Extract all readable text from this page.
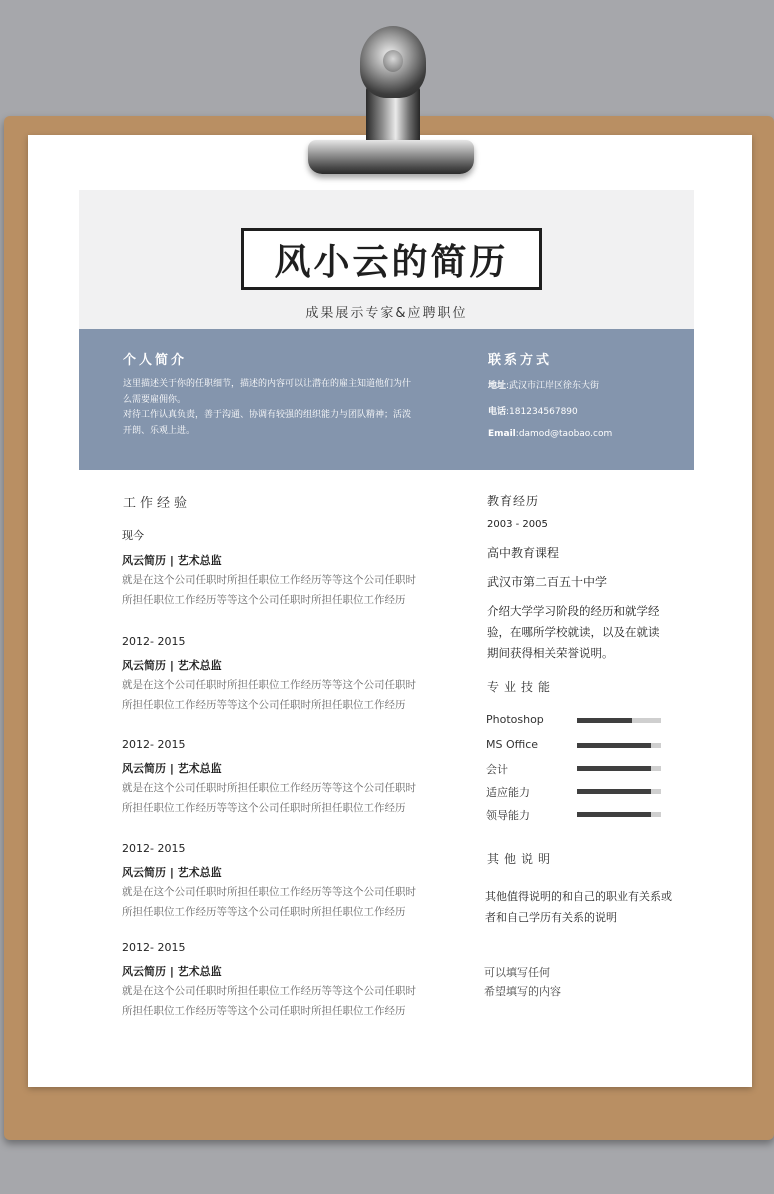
风小云的简历
成果展示专家&应聘职位
个人简介
这里描述关于你的任职细节，描述的内容可以让潜在的雇主知道他们为什
么需要雇佣你。
对待工作认真负责，善于沟通、协调有较强的组织能力与团队精神；活泼
开朗、乐观上进。
联系方式
地址:武汉市江岸区徐东大街
电话:181234567890
Email:damod@taobao.com
工作经验
现今
风云简历 | 艺术总监
就是在这个公司任职时所担任职位工作经历等等这个公司任职时
所担任职位工作经历等等这个公司任职时所担任职位工作经历
2012- 2015
风云简历 | 艺术总监
就是在这个公司任职时所担任职位工作经历等等这个公司任职时
所担任职位工作经历等等这个公司任职时所担任职位工作经历
2012- 2015
风云简历 | 艺术总监
就是在这个公司任职时所担任职位工作经历等等这个公司任职时
所担任职位工作经历等等这个公司任职时所担任职位工作经历
2012- 2015
风云简历 | 艺术总监
就是在这个公司任职时所担任职位工作经历等等这个公司任职时
所担任职位工作经历等等这个公司任职时所担任职位工作经历
2012- 2015
风云简历 | 艺术总监
就是在这个公司任职时所担任职位工作经历等等这个公司任职时
所担任职位工作经历等等这个公司任职时所担任职位工作经历
教育经历
2003 - 2005
高中教育课程
武汉市第二百五十中学
介绍大学学习阶段的经历和就学经
验，在哪所学校就读，以及在就读
期间获得相关荣誉说明。
专业技能
Photoshop
MS Office
会计
适应能力
领导能力
其他说明
其他值得说明的和自己的职业有关系或
者和自己学历有关系的说明
可以填写任何
希望填写的内容
